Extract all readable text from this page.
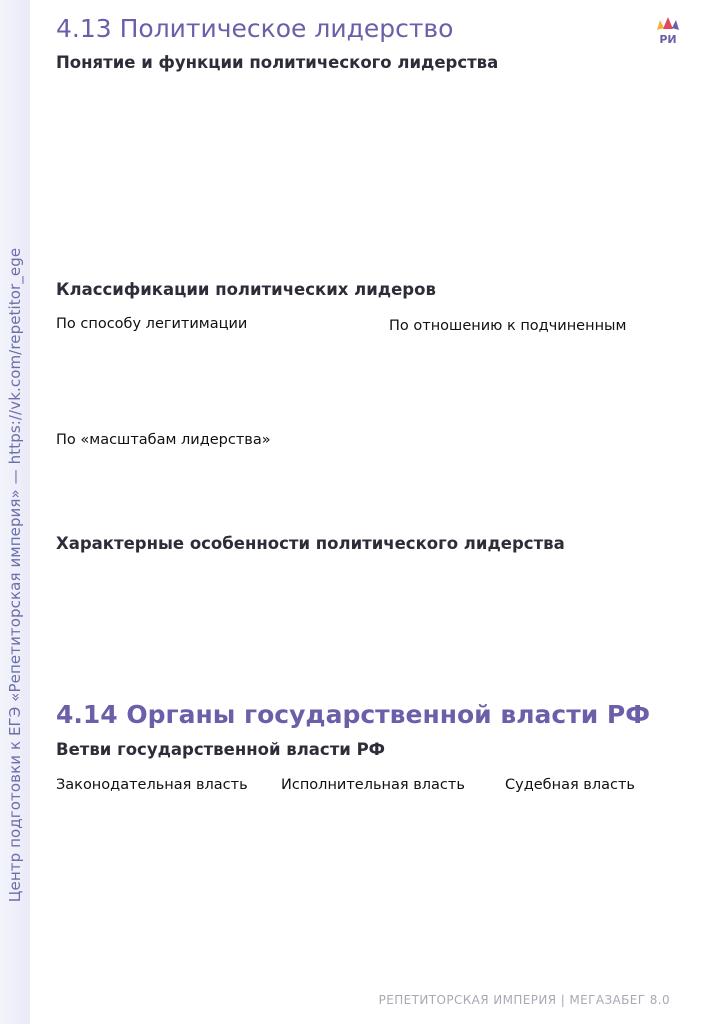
Центр подготовки к ЕГЭ «Репетиторская империя» — https://vk.com/repetitor_ege
РИ
4.13 Политическое лидерство
Понятие и функции политического лидерства
Классификации политических лидеров
По способу легитимации	По отношению к подчиненным
По «масштабам лидерства»
Характерные особенности политического лидерства
4.14 Органы государственной власти РФ
Ветви государственной власти РФ
Законодательная власть Исполнительная власть	Судебная власть
РЕПЕТИТОРСКАЯ ИМПЕРИЯ | МЕГАЗАБЕГ 8.0
